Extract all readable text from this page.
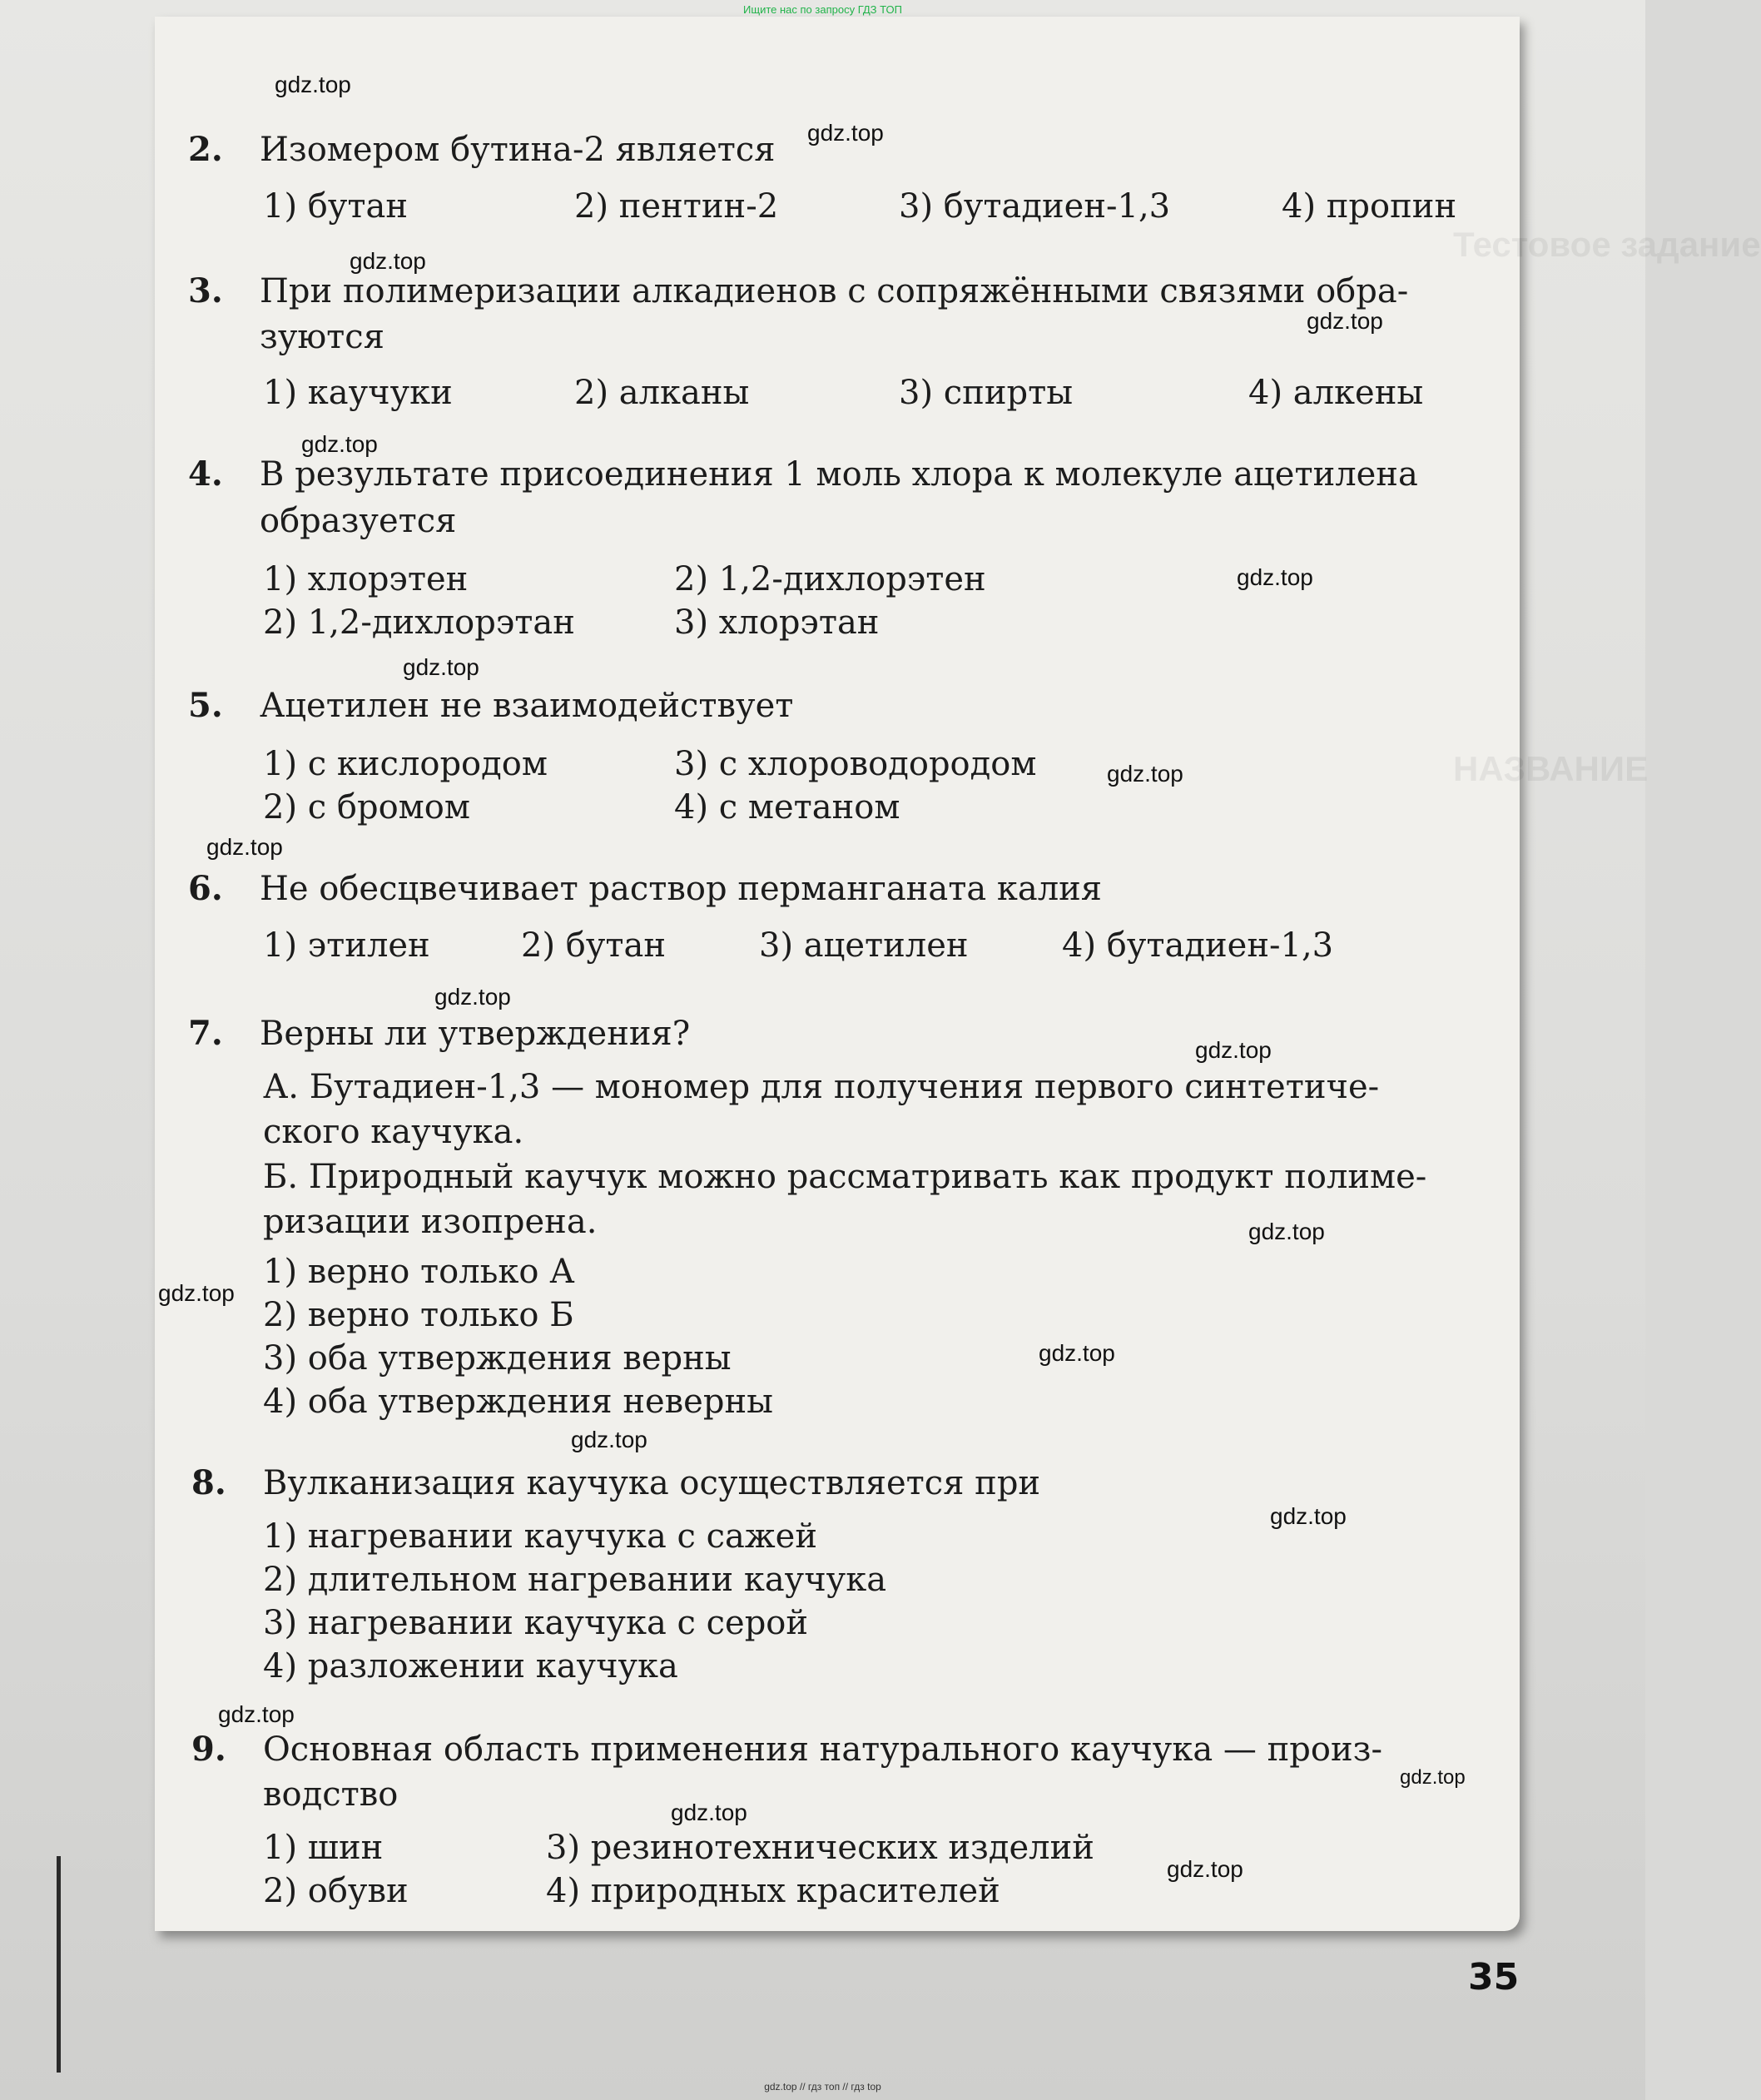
Ищите нас по запросу ГДЗ ТОП
Тестовое задание
НАЗВАНИЕ
2. Изомером бутина-2 является
1) бутан	2) пентин-2	3) бутадиен-1,3	4) пропин
3. При полимеризации алкадиенов с сопряжёнными связями обра-
зуются
1) каучуки	2) алканы	3) спирты	4) алкены
4. В результате присоединения 1 моль хлора к молекуле ацетилена
образуется
1) хлорэтен	2) 1,2-дихлорэтен
2) 1,2-дихлорэтан	3) хлорэтан
5. Ацетилен не взаимодействует
1) с кислородом	3) с хлороводородом
2) с бромом	4) с метаном
6. Не обесцвечивает раствор перманганата калия
1) этилен	2) бутан	3) ацетилен	4) бутадиен-1,3
7. Верны ли утверждения?
А. Бутадиен-1,3 — мономер для получения первого синтетиче-
ского каучука.
Б. Природный каучук можно рассматривать как продукт полиме-
ризации изопрена.
1) верно только А
2) верно только Б
3) оба утверждения верны
4) оба утверждения неверны
8. Вулканизация каучука осуществляется при
1) нагревании каучука с сажей
2) длительном нагревании каучука
3) нагревании каучука с серой
4) разложении каучука
9. Основная область применения натурального каучука — произ-
водство
1) шин	3) резинотехнических изделий
2) обуви	4) природных красителей
gdz.top
gdz.top
gdz.top
gdz.top
gdz.top
gdz.top
gdz.top
gdz.top
gdz.top
gdz.top
gdz.top
gdz.top
gdz.top
gdz.top
gdz.top
gdz.top
gdz.top
gdz.top
gdz.top
gdz.top
35
gdz.top // гдз топ // гдз top
